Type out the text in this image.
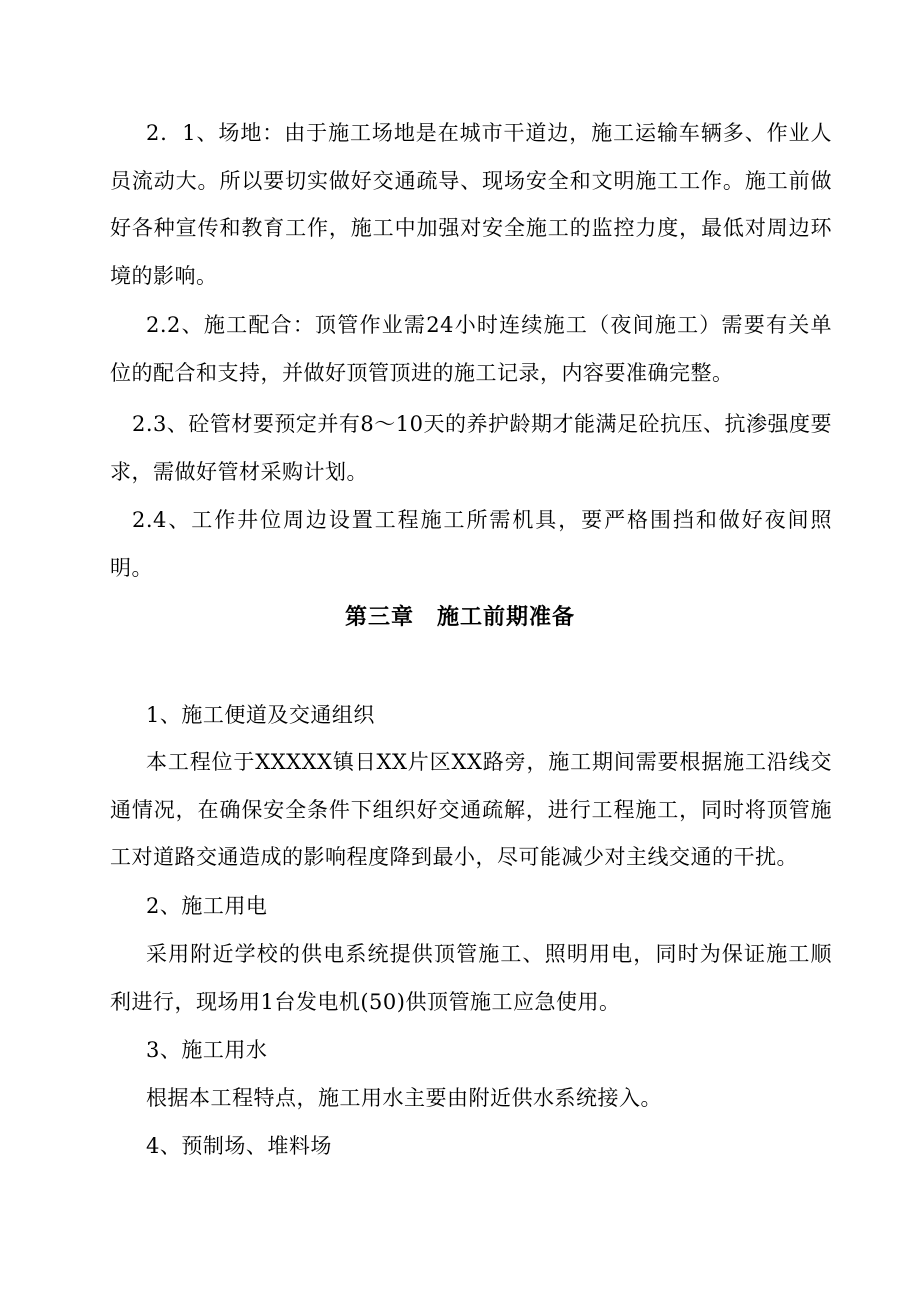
2．1、场地：由于施工场地是在城市干道边，施工运输车辆多、作业人员流动大。所以要切实做好交通疏导、现场安全和文明施工工作。施工前做好各种宣传和教育工作，施工中加强对安全施工的监控力度，最低对周边环境的影响。

2.2、施工配合：顶管作业需24小时连续施工（夜间施工）需要有关单位的配合和支持，并做好顶管顶进的施工记录，内容要准确完整。

2.3、砼管材要预定并有8～10天的养护龄期才能满足砼抗压、抗渗强度要求，需做好管材采购计划。

2.4、工作井位周边设置工程施工所需机具，要严格围挡和做好夜间照明。

第三章　施工前期准备

1、施工便道及交通组织

本工程位于XXXXX镇日XX片区XX路旁，施工期间需要根据施工沿线交通情况，在确保安全条件下组织好交通疏解，进行工程施工，同时将顶管施工对道路交通造成的影响程度降到最小，尽可能减少对主线交通的干扰。

2、施工用电

采用附近学校的供电系统提供顶管施工、照明用电，同时为保证施工顺利进行，现场用1台发电机(50)供顶管施工应急使用。

3、施工用水

根据本工程特点，施工用水主要由附近供水系统接入。

4、预制场、堆料场
